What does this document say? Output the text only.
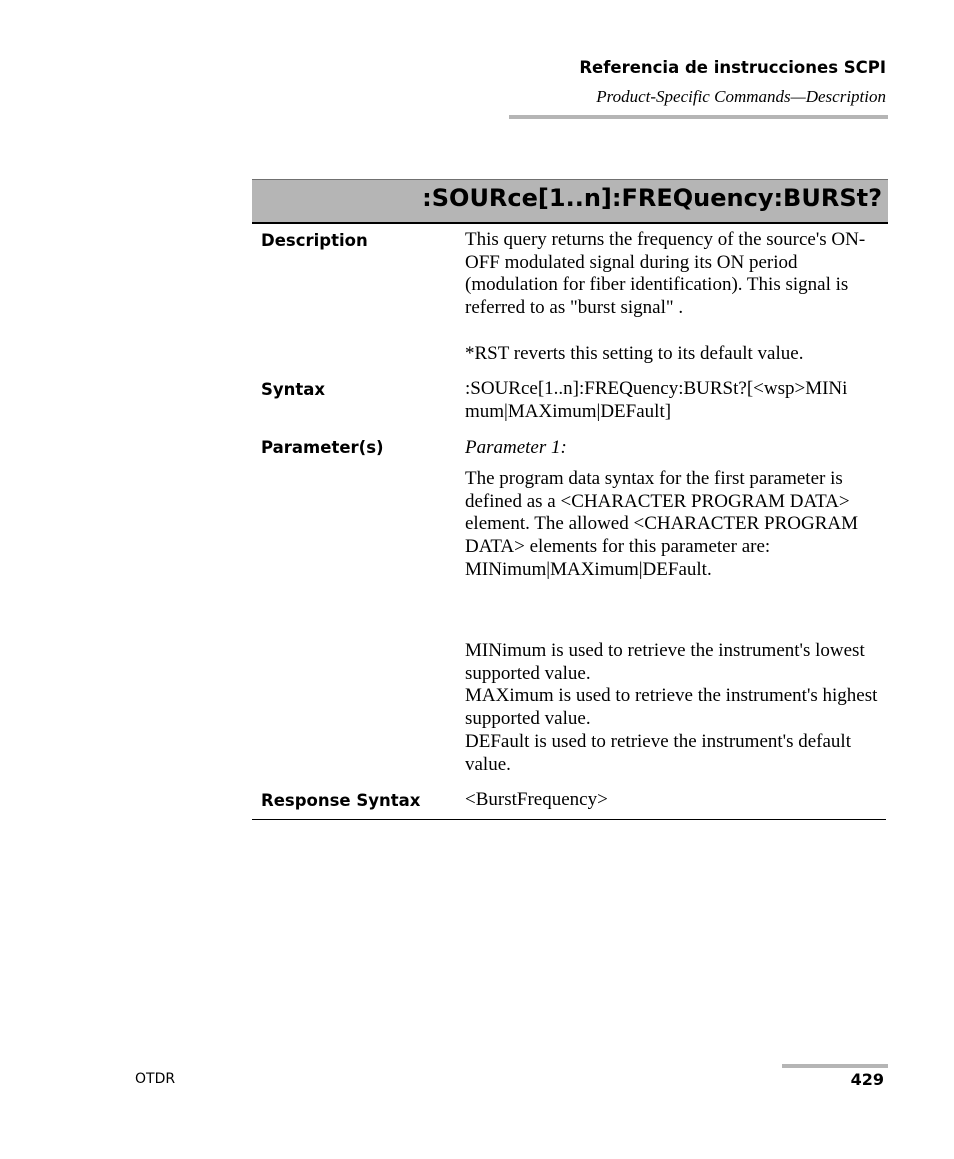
Referencia de instrucciones SCPI
Product-Specific Commands—Description
:SOURce[1..n]:FREQuency:BURSt?
Description	This query returns the frequency of the source's ON-OFF modulated signal during its ON period (modulation for fiber identification). This signal is referred to as "burst signal" .
*RST reverts this setting to its default value.
Syntax	:SOURce[1..n]:FREQuency:BURSt?[<wsp>MINi
mum|MAXimum|DEFault]
Parameter(s)	Parameter 1:
The program data syntax for the first parameter is defined as a <CHARACTER PROGRAM DATA> element. The allowed <CHARACTER PROGRAM DATA> elements for this parameter are: MINimum|MAXimum|DEFault.
MINimum is used to retrieve the instrument's lowest supported value.
MAXimum is used to retrieve the instrument's highest supported value.
DEFault is used to retrieve the instrument's default value.
Response Syntax <BurstFrequency>
OTDR	429
